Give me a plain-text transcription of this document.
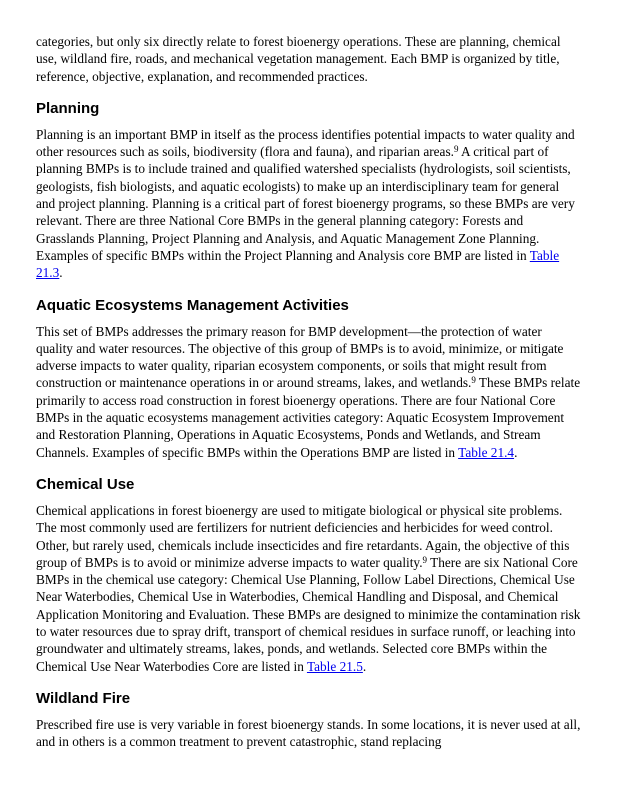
categories, but only six directly relate to forest bioenergy operations. These are planning, chemical use, wildland fire, roads, and mechanical vegetation management. Each BMP is organized by title, reference, objective, explanation, and recommended practices.

Planning

Planning is an important BMP in itself as the process identifies potential impacts to water quality and other resources such as soils, biodiversity (flora and fauna), and riparian areas.$^9$ A critical part of planning BMPs is to include trained and qualified watershed specialists (hydrologists, soil scientists, geologists, fish biologists, and aquatic ecologists) to make up an interdisciplinary team for general and project planning. Planning is a critical part of forest bioenergy programs, so these BMPs are very relevant. There are three National Core BMPs in the general planning category: Forests and Grasslands Planning, Project Planning and Analysis, and Aquatic Management Zone Planning. Examples of specific BMPs within the Project Planning and Analysis core BMP are listed in Table 21.3.

Aquatic Ecosystems Management Activities

This set of BMPs addresses the primary reason for BMP development—the protection of water quality and water resources. The objective of this group of BMPs is to avoid, minimize, or mitigate adverse impacts to water quality, riparian ecosystem components, or soils that might result from construction or maintenance operations in or around streams, lakes, and wetlands.$^9$ These BMPs relate primarily to access road construction in forest bioenergy operations. There are four National Core BMPs in the aquatic ecosystems management activities category: Aquatic Ecosystem Improvement and Restoration Planning, Operations in Aquatic Ecosystems, Ponds and Wetlands, and Stream Channels. Examples of specific BMPs within the Operations BMP are listed in Table 21.4.

Chemical Use

Chemical applications in forest bioenergy are used to mitigate biological or physical site problems. The most commonly used are fertilizers for nutrient deficiencies and herbicides for weed control. Other, but rarely used, chemicals include insecticides and fire retardants. Again, the objective of this group of BMPs is to avoid or minimize adverse impacts to water quality.$^9$ There are six National Core BMPs in the chemical use category: Chemical Use Planning, Follow Label Directions, Chemical Use Near Waterbodies, Chemical Use in Waterbodies, Chemical Handling and Disposal, and Chemical Application Monitoring and Evaluation. These BMPs are designed to minimize the contamination risk to water resources due to spray drift, transport of chemical residues in surface runoff, or leaching into groundwater and ultimately streams, lakes, ponds, and wetlands. Selected core BMPs within the Chemical Use Near Waterbodies Core are listed in Table 21.5.

Wildland Fire

Prescribed fire use is very variable in forest bioenergy stands. In some locations, it is never used at all, and in others is a common treatment to prevent catastrophic, stand replacing
